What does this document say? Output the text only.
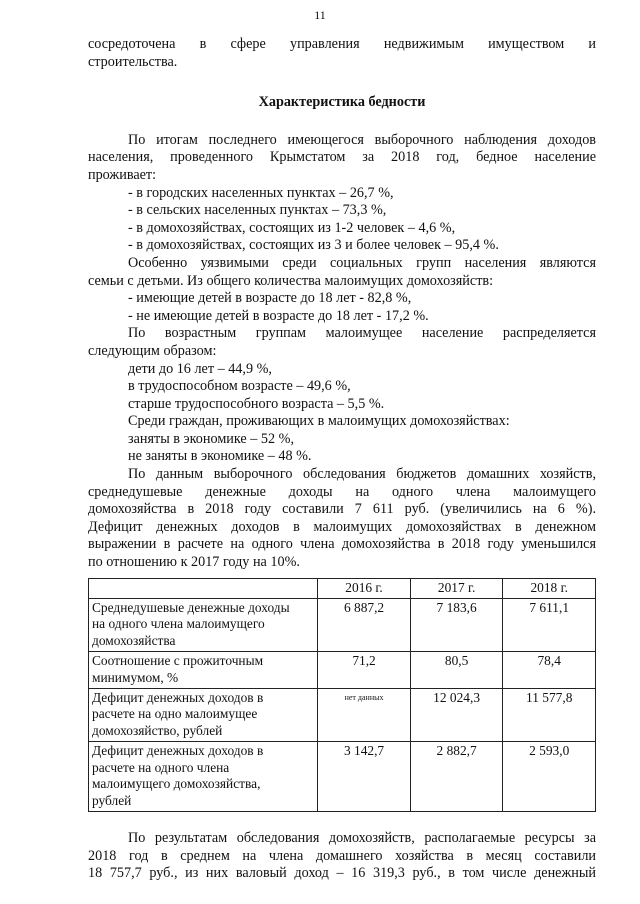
11
сосредоточена в сфере управления недвижимым имуществом и
строительства.
Характеристика бедности
По итогам последнего имеющегося выборочного наблюдения доходов
населения, проведенного Крымстатом за 2018 год, бедное население
проживает:
- в городских населенных пунктах – 26,7 %,
- в сельских населенных пунктах – 73,3 %,
- в домохозяйствах, состоящих из 1-2 человек – 4,6 %,
- в домохозяйствах, состоящих из 3 и более человек – 95,4 %.
Особенно уязвимыми среди социальных групп населения являются
семьи с детьми. Из общего количества малоимущих домохозяйств:
- имеющие детей в возрасте до 18 лет - 82,8 %,
- не имеющие детей в возрасте до 18 лет - 17,2 %.
По возрастным группам малоимущее население распределяется
следующим образом:
дети до 16 лет – 44,9 %,
в трудоспособном возрасте – 49,6 %,
старше трудоспособного возраста – 5,5 %.
Среди граждан, проживающих в малоимущих домохозяйствах:
заняты в экономике – 52 %,
не заняты в экономике – 48 %.
По данным выборочного обследования бюджетов домашних хозяйств,
среднедушевые денежные доходы на одного члена малоимущего
домохозяйства в 2018 году составили 7 611 руб. (увеличились на 6 %).
Дефицит денежных доходов в малоимущих домохозяйствах в денежном
выражении в расчете на одного члена домохозяйства в 2018 году уменьшился
по отношению к 2017 году на 10%.
	2016 г.	2017 г.	2018 г.

Среднедушевые денежные доходы
на одного члена малоимущего
домохозяйства	6 887,2	7 183,6	7 611,1

Соотношение с прожиточным
минимумом, %	71,2	80,5	78,4

Дефицит денежных доходов в
расчете на одно малоимущее
домохозяйство, рублей	нет данных	12 024,3	11 577,8

Дефицит денежных доходов в
расчете на одного члена
малоимущего домохозяйства,
рублей	3 142,7	2 882,7	2 593,0
По результатам обследования домохозяйств, располагаемые ресурсы за
2018 год в среднем на члена домашнего хозяйства в месяц составили
18 757,7 руб., из них валовый доход – 16 319,3 руб., в том числе денежный
